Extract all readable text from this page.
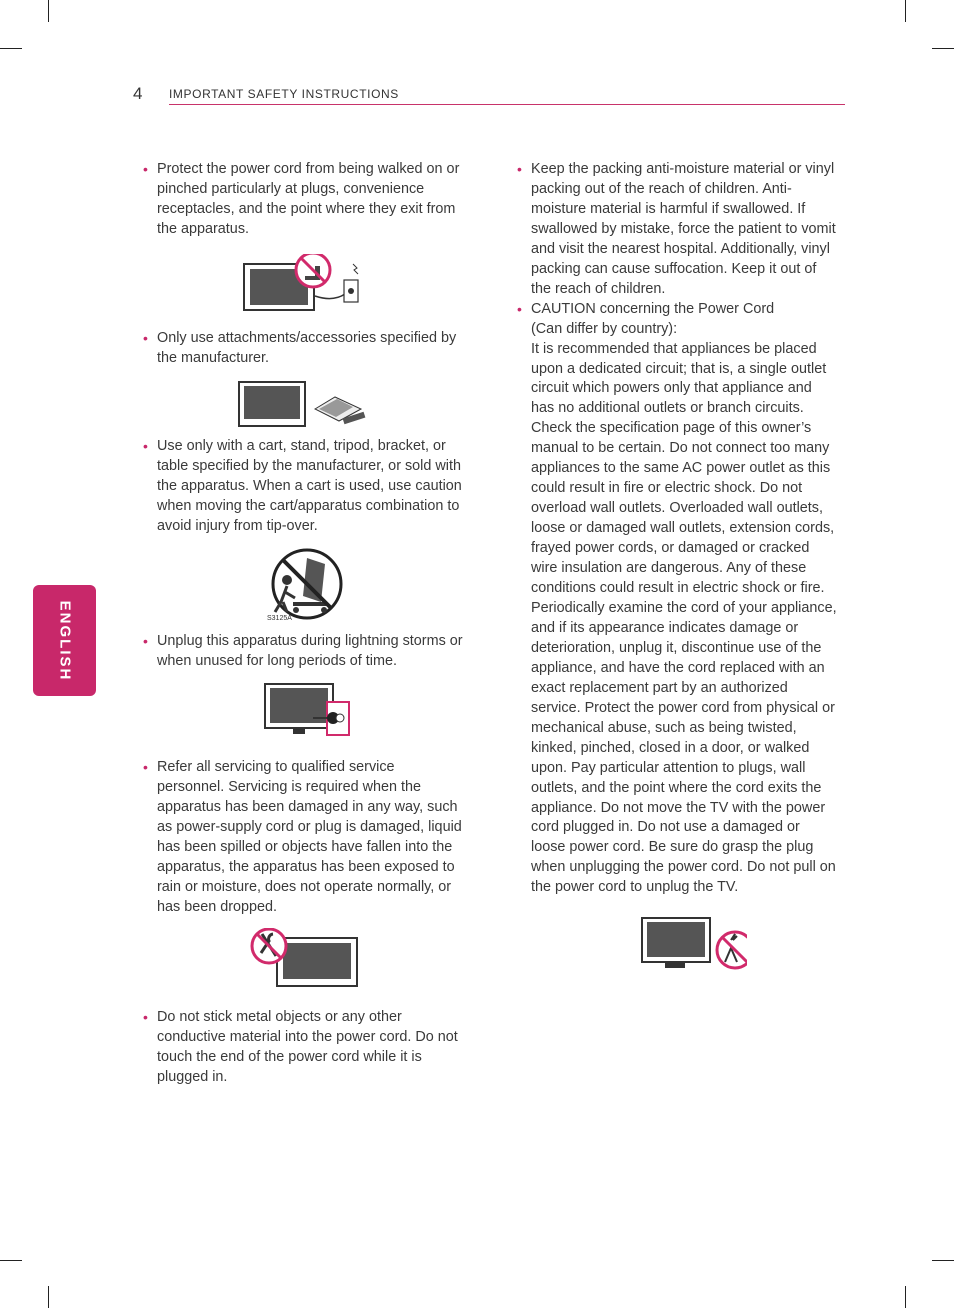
4 IMPORTANT SAFETY INSTRUCTIONS
ENGLISH

• Protect the power cord from being walked on or pinched particularly at plugs, convenience receptacles, and the point where they exit from the apparatus.

• Only use attachments/accessories specified by the manufacturer.

• Use only with a cart, stand, tripod, bracket, or table specified by the manufacturer, or sold with the apparatus. When a cart is used, use caution when moving the cart/apparatus combination to avoid injury from tip-over.

S3125A

• Unplug this apparatus during lightning storms or when unused for long periods of time.

• Refer all servicing to qualified service personnel. Servicing is required when the apparatus has been damaged in any way, such as power-supply cord or plug is damaged, liquid has been spilled or objects have fallen into the apparatus, the apparatus has been exposed to rain or moisture, does not operate normally, or has been dropped.

• Do not stick metal objects or any other conductive material into the power cord. Do not touch the end of the power cord while it is plugged in.

• Keep the packing anti-moisture material or vinyl packing out of the reach of children. Anti-moisture material is harmful if swallowed. If swallowed by mistake, force the patient to vomit and visit the nearest hospital. Additionally, vinyl packing can cause suffocation. Keep it out of the reach of children.

• CAUTION concerning the Power Cord
(Can differ by country):
It is recommended that appliances be placed upon a dedicated circuit; that is, a single outlet circuit which powers only that appliance and has no additional outlets or branch circuits. Check the specification page of this owner’s manual to be certain. Do not connect too many appliances to the same AC power outlet as this could result in fire or electric shock. Do not overload wall outlets. Overloaded wall outlets, loose or damaged wall outlets, extension cords, frayed power cords, or damaged or cracked wire insulation are dangerous. Any of these conditions could result in electric shock or fire. Periodically examine the cord of your appliance, and if its appearance indicates damage or deterioration, unplug it, discontinue use of the appliance, and have the cord replaced with an exact replacement part by an authorized service. Protect the power cord from physical or mechanical abuse, such as being twisted, kinked, pinched, closed in a door, or walked upon. Pay particular attention to plugs, wall outlets, and the point where the cord exits the appliance. Do not move the TV with the power cord plugged in. Do not use a damaged or loose power cord. Be sure do grasp the plug when unplugging the power cord. Do not pull on the power cord to unplug the TV.
